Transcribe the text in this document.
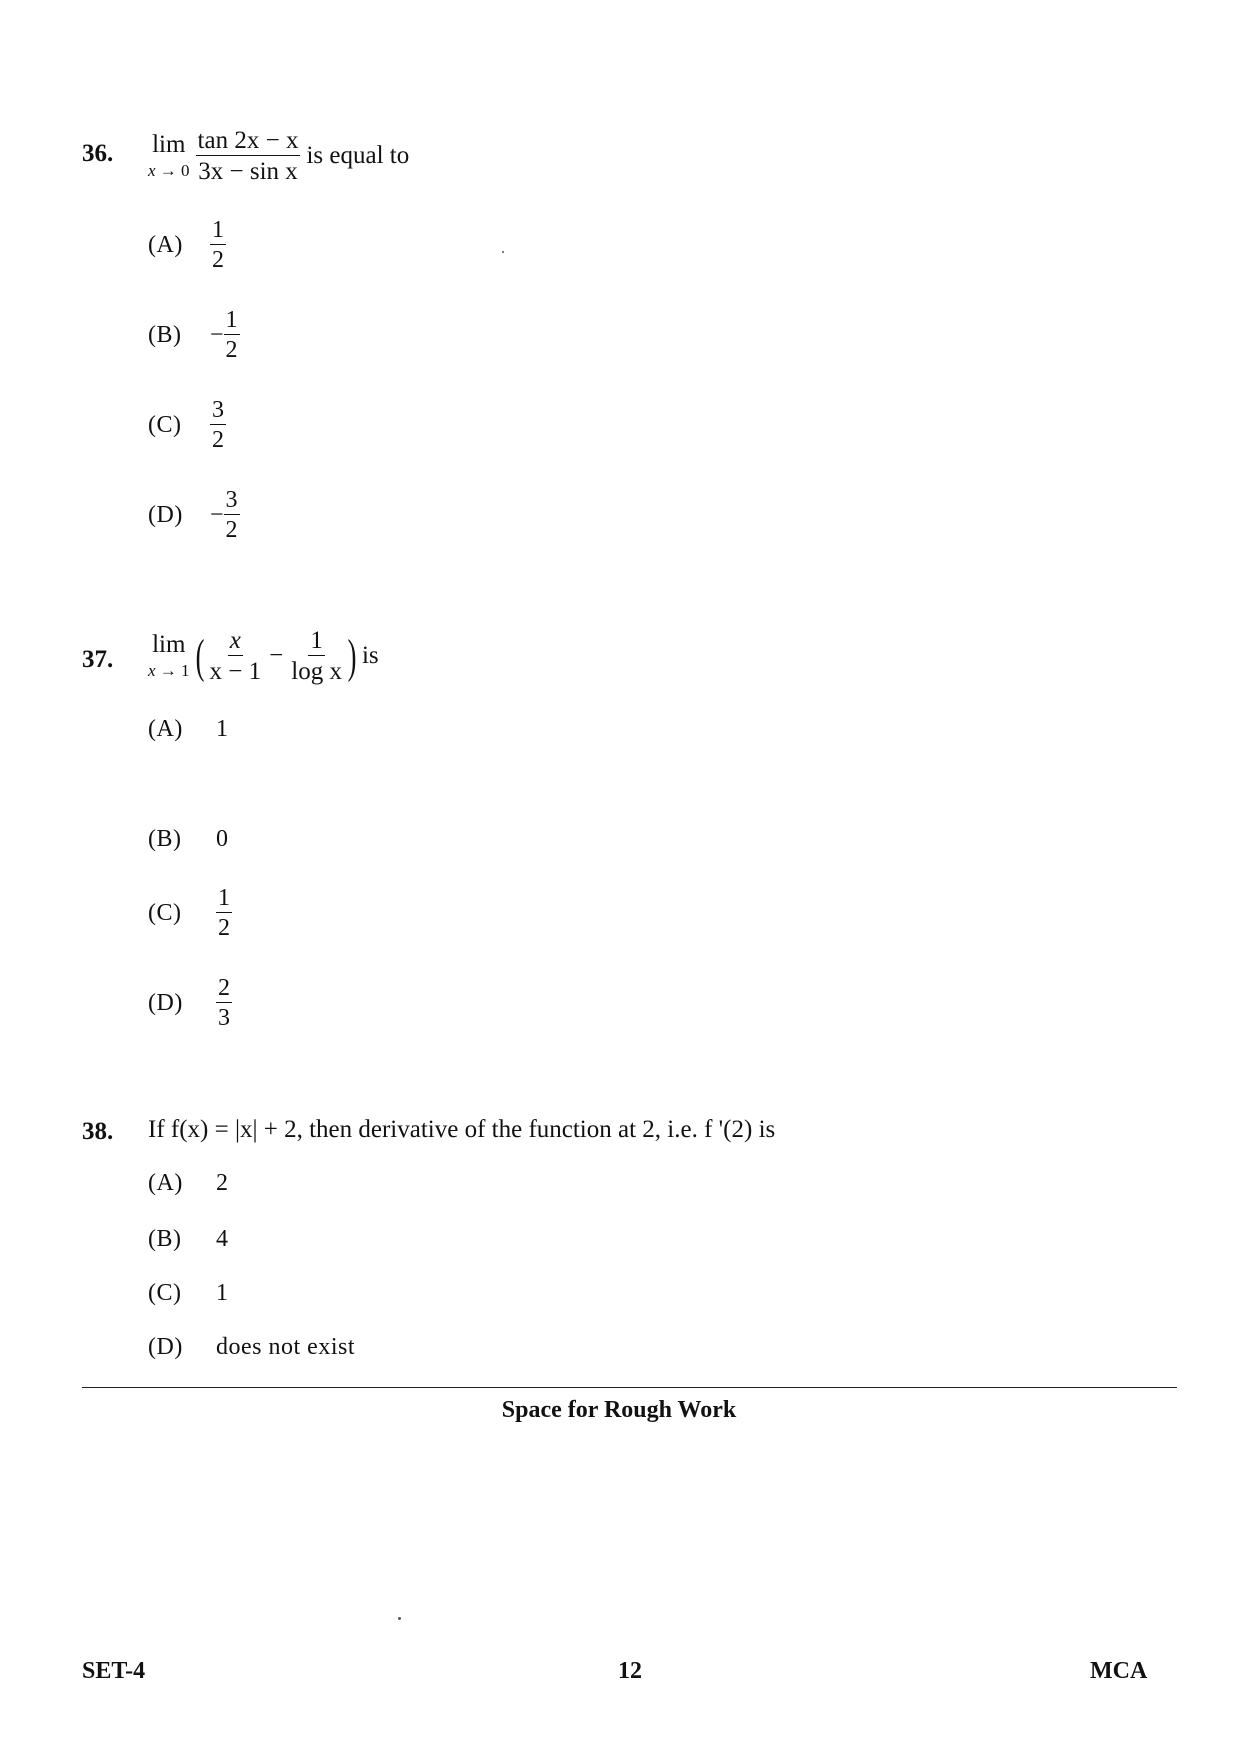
36. lim
$x \to 0 \frac{\tan 2x - x}{\text{3x − sin x}}$ is equal to
(A)	$\frac{1}{2}$
(B)	− $\frac{1}{2}$
(C)	$\frac{3}{2}$
(D)	− $\frac{3}{2}$
37.
lim
x → 1 ( $\frac{x}{x - 1} - \frac{1}{\text{log x}}$ ) is
(A)	1
(B)	0
(C)	$\frac{1}{2}$
(D)	$\frac{2}{3}$
38. If f(x) = |x| + 2, then derivative of the function at 2, i.e. f '(2) is
(A)	2
(B)	4
(C)	1
(D)	does not exist
Space for Rough Work
SET-4	12	MCA
